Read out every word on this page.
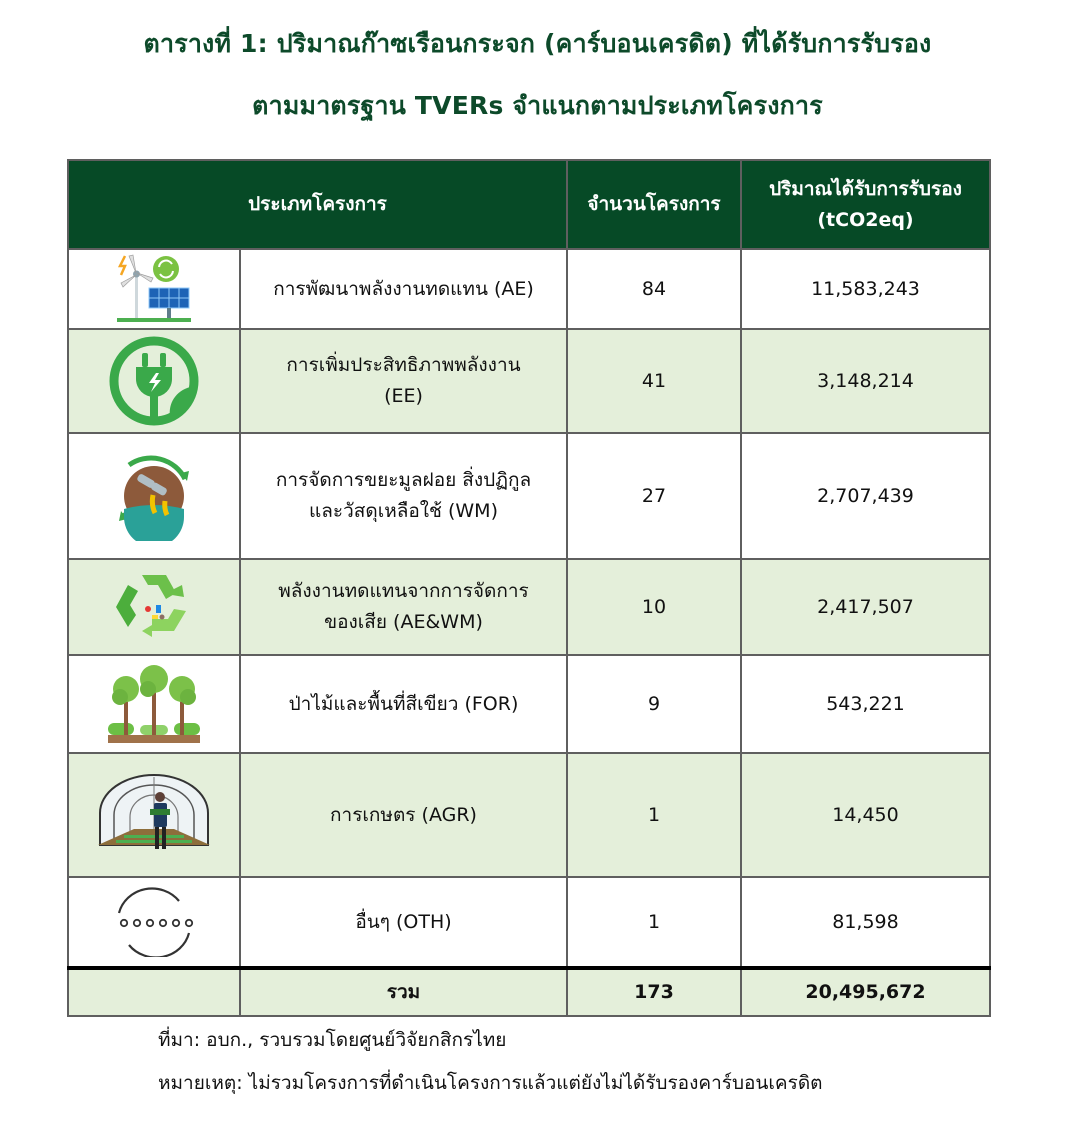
ตารางที่ 1: ปริมาณก๊าซเรือนกระจก (คาร์บอนเครดิต) ที่ได้รับการรับรอง
ตามมาตรฐาน TVERs จำแนกตามประเภทโครงการ
ประเภทโครงการ		จำนวนโครงการ	ปริมาณได้รับการรับรอง
(tCO2eq)

การพัฒนาพลังงานทดแทน (AE)	84	11,583,243

การเพิ่มประสิทธิภาพพลังงาน
(EE)	41	3,148,214

การจัดการขยะมูลฝอย สิ่งปฏิกูล
และวัสดุเหลือใช้ (WM)	27	2,707,439

พลังงานทดแทนจากการจัดการ
ของเสีย (AE&WM)	10	2,417,507

ป่าไม้และพื้นที่สีเขียว (FOR)	9	543,221

การเกษตร (AGR)	1	14,450

อื่นๆ (OTH)	1	81,598
	รวม	173	20,495,672
ที่มา: อบก., รวบรวมโดยศูนย์วิจัยกสิกรไทย
หมายเหตุ: ไม่รวมโครงการที่ดำเนินโครงการแล้วแต่ยังไม่ได้รับรองคาร์บอนเครดิต
